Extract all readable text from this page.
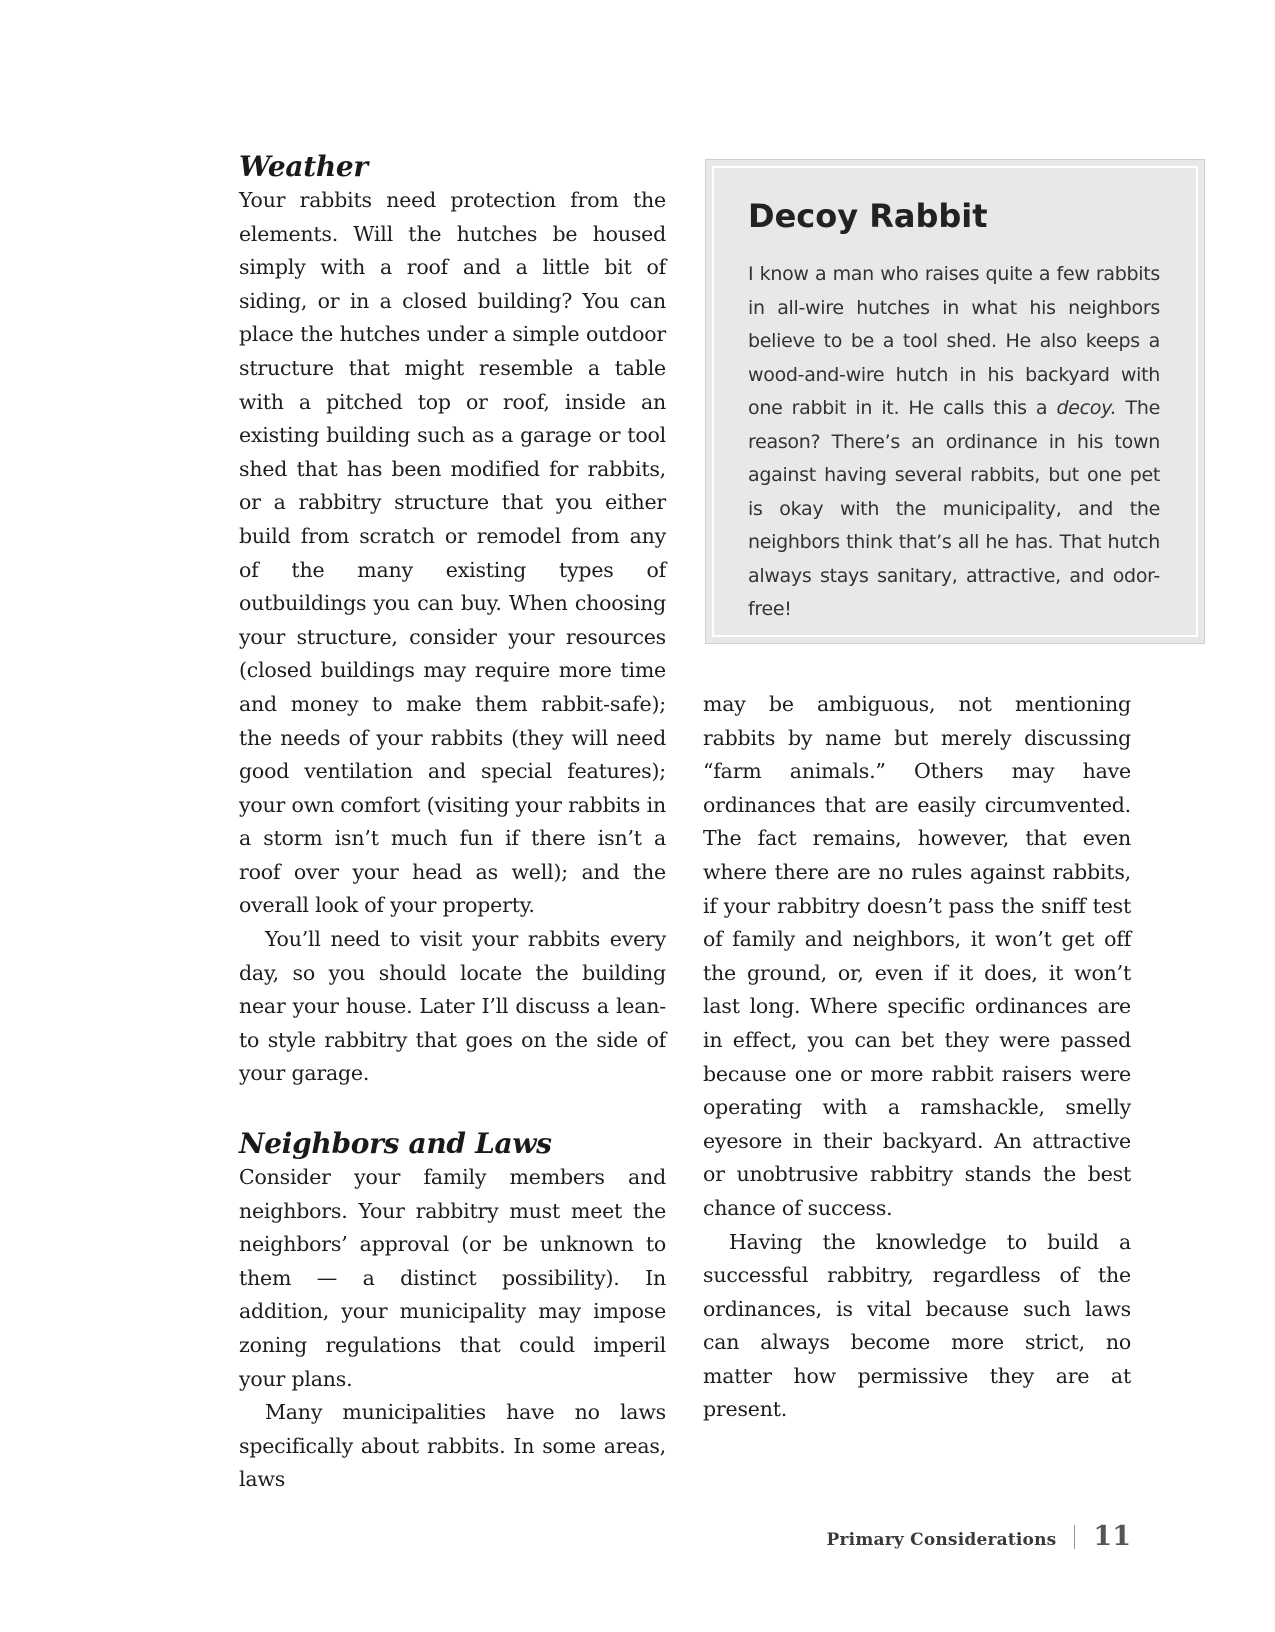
Weather

Your rabbits need protection from the elements. Will the hutches be housed simply with a roof and a little bit of siding, or in a closed building? You can place the hutches under a simple outdoor structure that might resemble a table with a pitched top or roof, inside an existing building such as a garage or tool shed that has been modified for rabbits, or a rabbitry structure that you either build from scratch or remodel from any of the many existing types of outbuildings you can buy. When choosing your structure, consider your resources (closed buildings may require more time and money to make them rabbit-safe); the needs of your rabbits (they will need good ventilation and special features); your own comfort (visiting your rabbits in a storm isn’t much fun if there isn’t a roof over your head as well); and the overall look of your property.

You’ll need to visit your rabbits every day, so you should locate the building near your house. Later I’ll discuss a lean-to style rabbitry that goes on the side of your garage.

Neighbors and Laws

Consider your family members and neighbors. Your rabbitry must meet the neighbors’ approval (or be unknown to them — a distinct possibility). In addition, your municipality may impose zoning regulations that could imperil your plans.

Many municipalities have no laws specifically about rabbits. In some areas, laws

Decoy Rabbit

I know a man who raises quite a few rabbits in all-wire hutches in what his neighbors believe to be a tool shed. He also keeps a wood-and-wire hutch in his backyard with one rabbit in it. He calls this a decoy. The reason? There’s an ordinance in his town against having several rabbits, but one pet is okay with the municipality, and the neighbors think that’s all he has. That hutch always stays sanitary, attractive, and odor-free!

may be ambiguous, not mentioning rabbits by name but merely discussing “farm animals.” Others may have ordinances that are easily circumvented. The fact remains, however, that even where there are no rules against rabbits, if your rabbitry doesn’t pass the sniff test of family and neighbors, it won’t get off the ground, or, even if it does, it won’t last long. Where specific ordinances are in effect, you can bet they were passed because one or more rabbit raisers were operating with a ramshackle, smelly eyesore in their backyard. An attractive or unobtrusive rabbitry stands the best chance of success.

Having the knowledge to build a successful rabbitry, regardless of the ordinances, is vital because such laws can always become more strict, no matter how permissive they are at present.

Primary Considerations 11
